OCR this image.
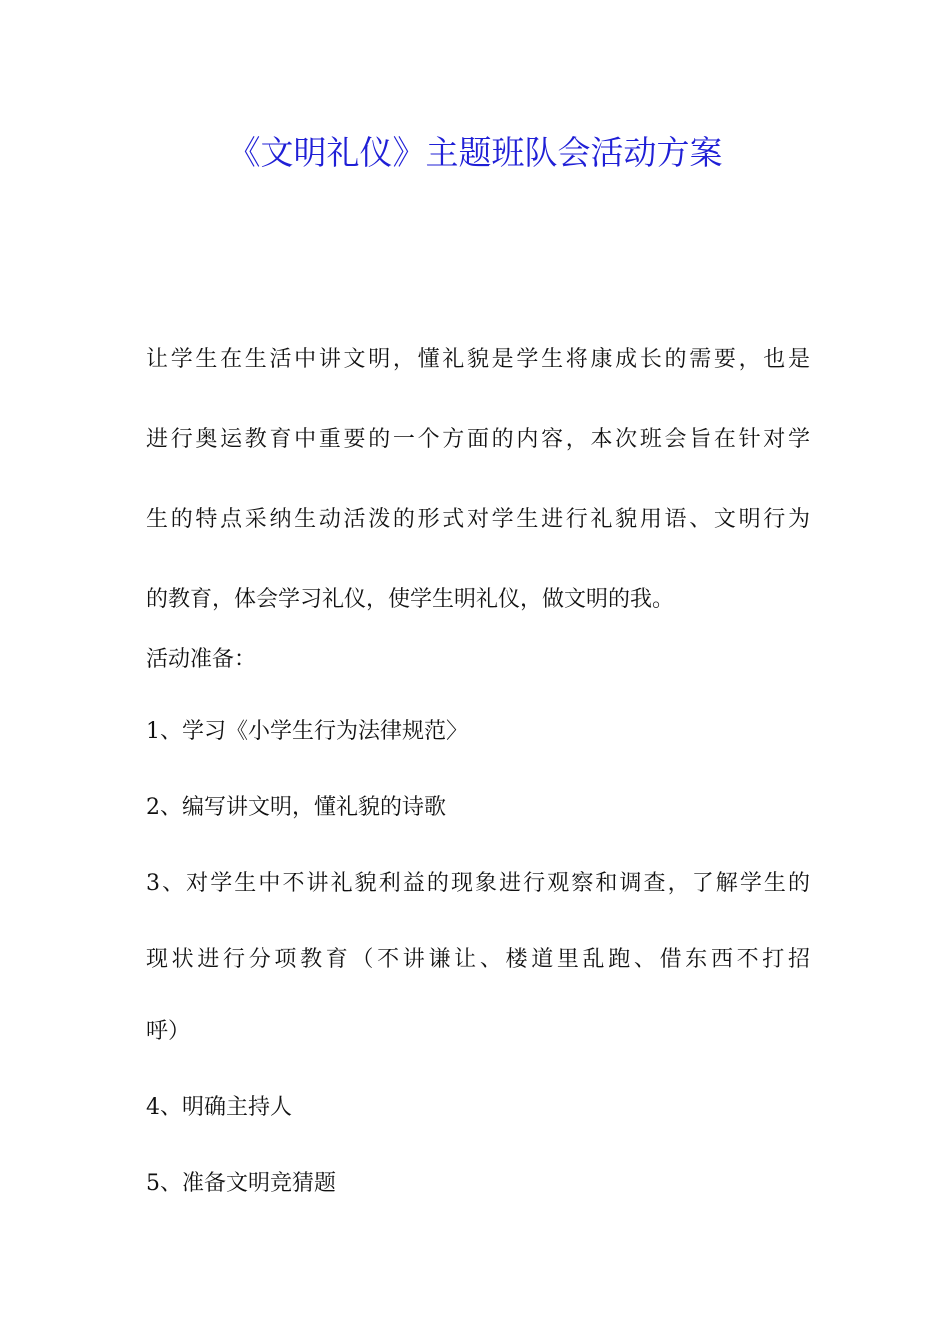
《文明礼仪》主题班队会活动方案
让学生在生活中讲文明，懂礼貌是学生将康成长的需要，也是
进行奥运教育中重要的一个方面的内容，本次班会旨在针对学
生的特点采纳生动活泼的形式对学生进行礼貌用语、文明行为
的教育，体会学习礼仪，使学生明礼仪，做文明的我。
活动准备：
1、学习《小学生行为法律规范〉
2、编写讲文明，懂礼貌的诗歌
3、对学生中不讲礼貌利益的现象进行观察和调查，了解学生的
现状进行分项教育（不讲谦让、楼道里乱跑、借东西不打招
呼）
4、明确主持人
5、准备文明竞猜题
